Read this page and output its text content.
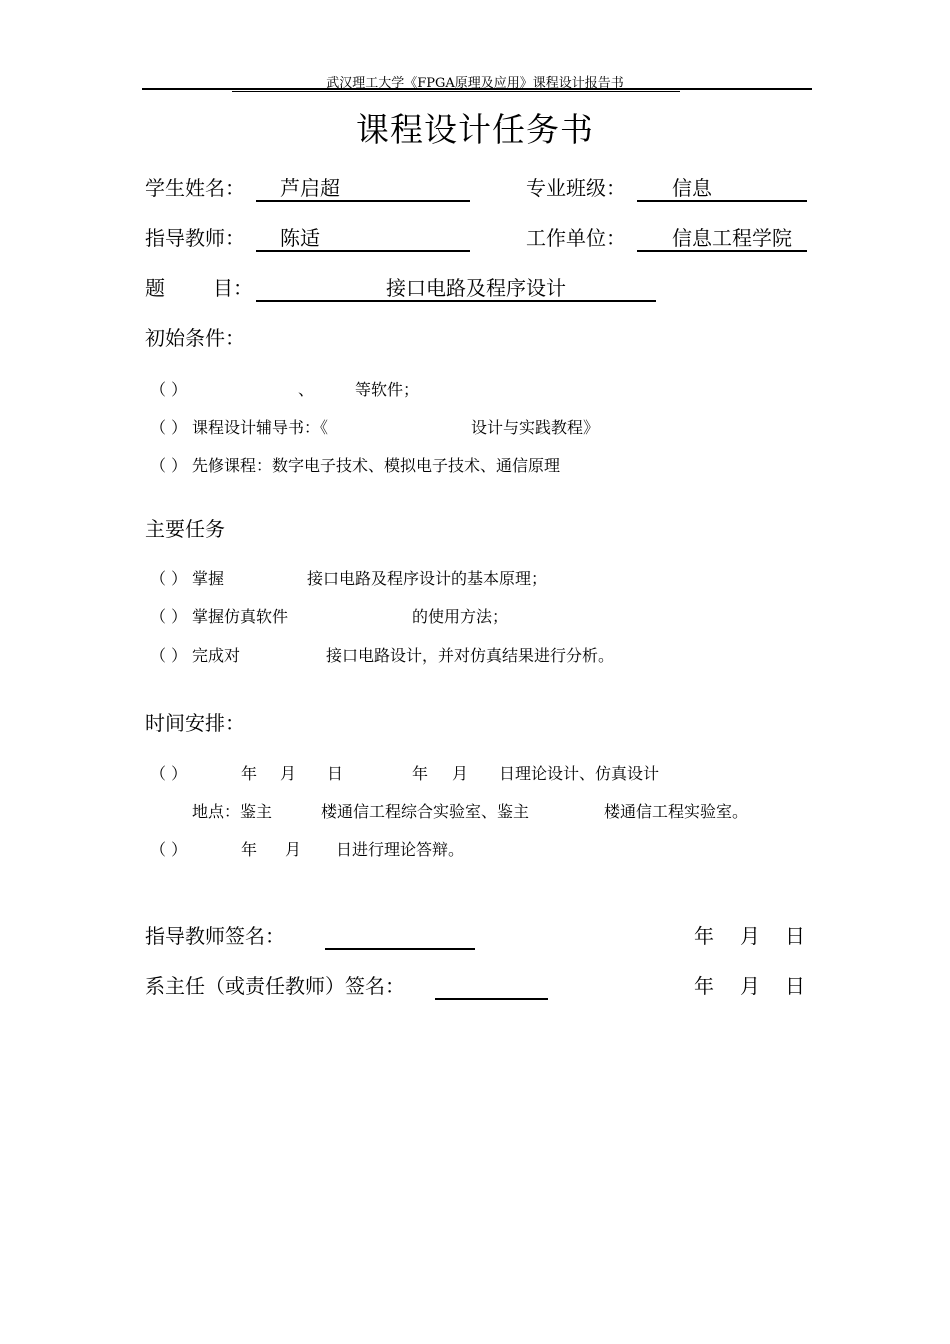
武汉理工大学《FPGA原理及应用》课程设计报告书
课程设计任务书
学生姓名： 芦启超	专业班级： 信息
指导教师： 陈适	工作单位： 信息工程学院
题 目：	接口电路及程序设计
初始条件：
（ ）	、	等软件；
（ ） 课程设计辅导书：《	设计与实践教程》
（ ） 先修课程：数字电子技术、模拟电子技术、通信原理
主要任务
（ ） 掌握	接口电路及程序设计的基本原理；
（ ） 掌握仿真软件	的使用方法；
（ ） 完成对	接口电路设计，并对仿真结果进行分析。
时间安排：
（ ）	年 月 日	年 月 日理论设计、仿真设计
地点：鉴主	楼通信工程综合实验室、鉴主	楼通信工程实验室。
（ ）	年 月 日进行理论答辩。
指导教师签名：	年 月 日
系主任（或责任教师）签名：	年 月 日
